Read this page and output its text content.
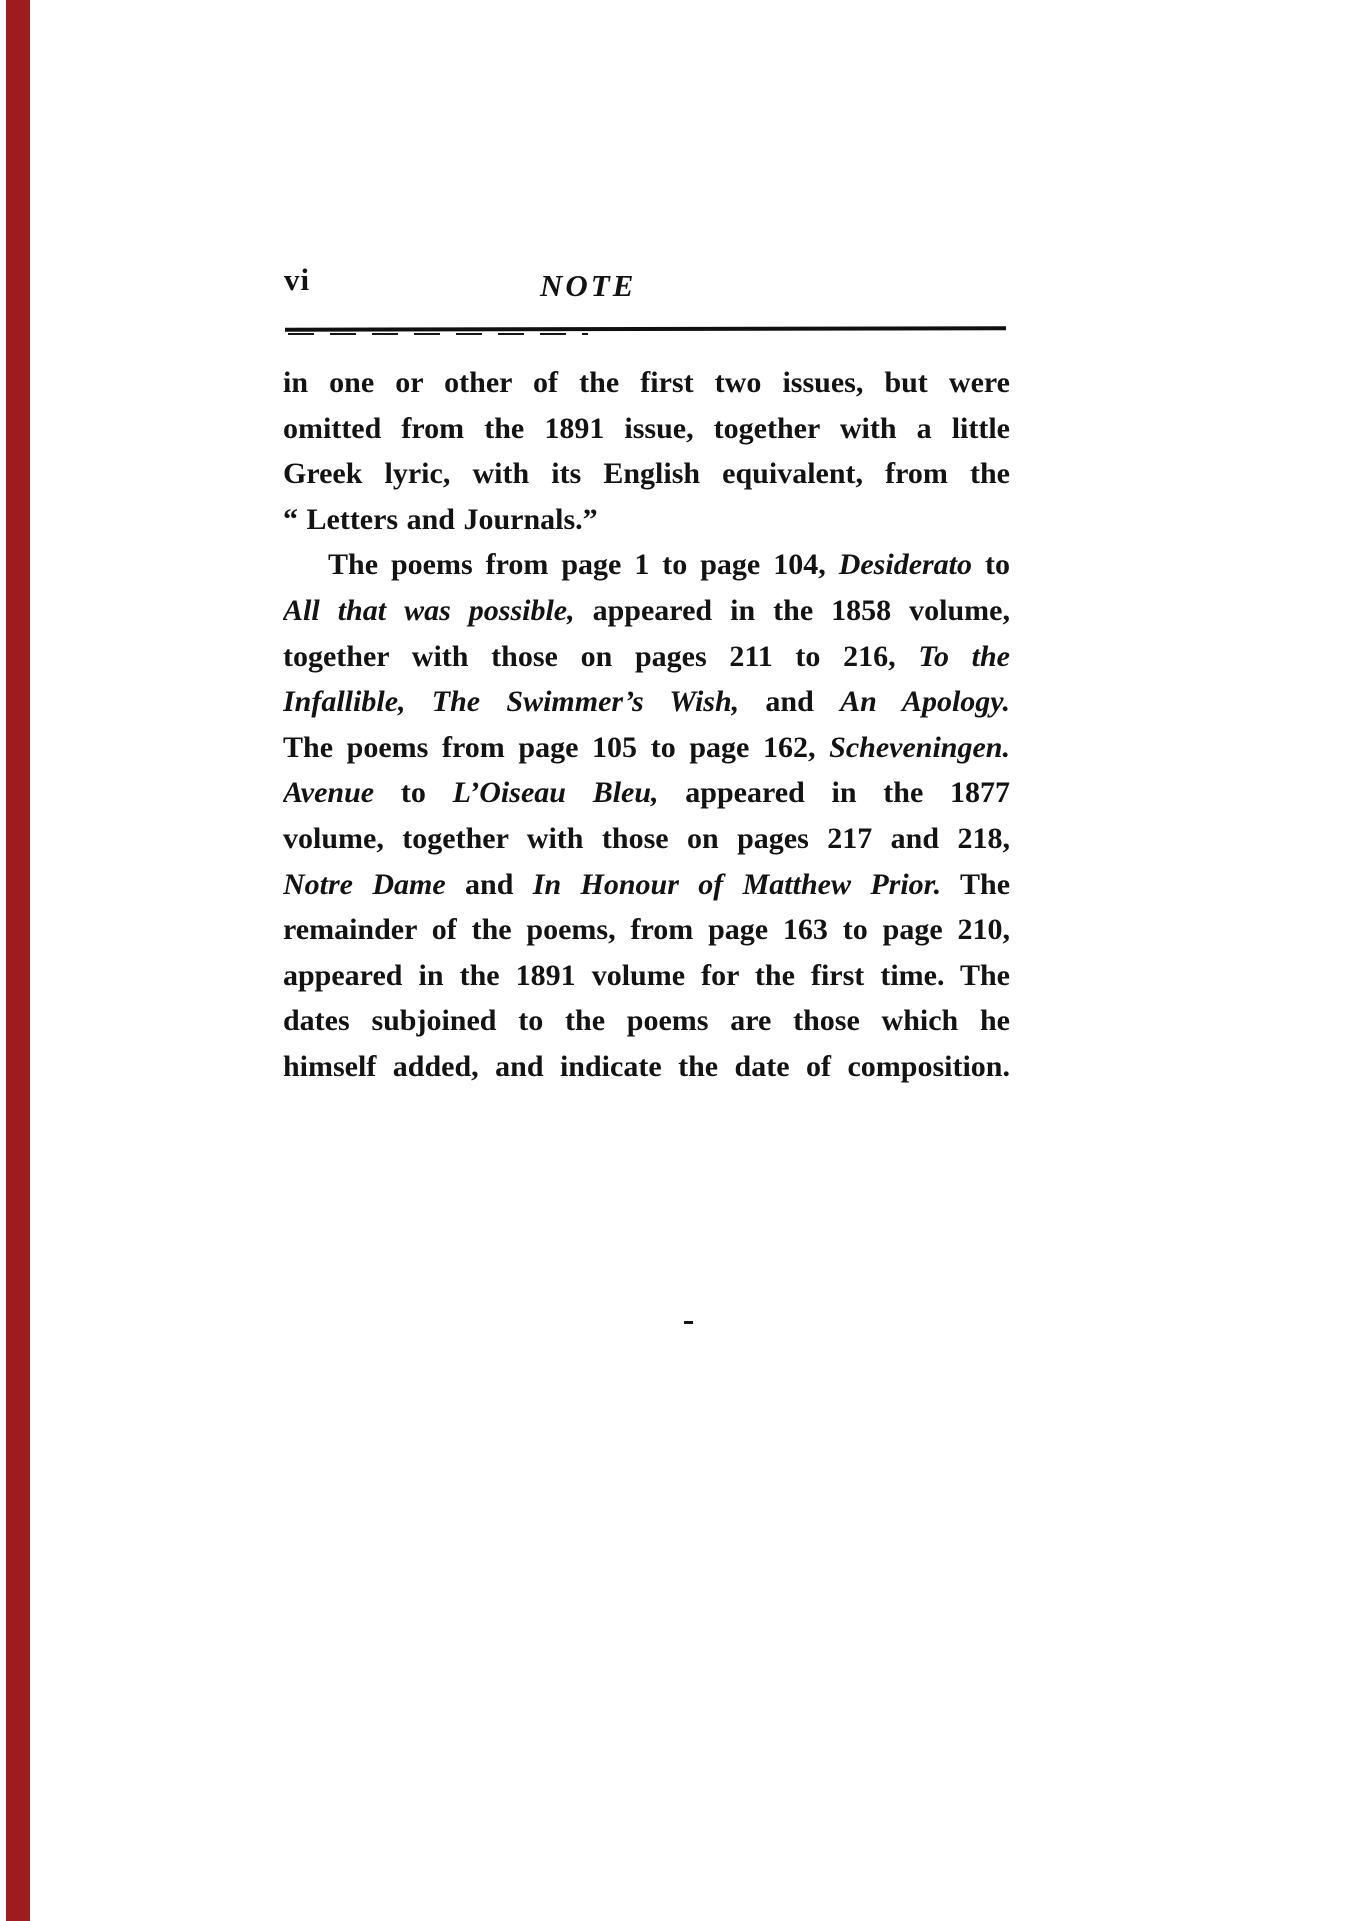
vi	NOTE
in one or other of the first two issues, but were
omitted from the 1891 issue, together with a little
Greek lyric, with its English equivalent, from the
“ Letters and Journals.”
The poems from page 1 to page 104, Desiderato to
All that was possible, appeared in the 1858 volume,
together with those on pages 211 to 216, To the
Infallible, The Swimmer’s Wish, and An Apology.
The poems from page 105 to page 162, Scheveningen.
Avenue to L’Oiseau Bleu, appeared in the 1877
volume, together with those on pages 217 and 218,
Notre Dame and In Honour of Matthew Prior. The
remainder of the poems, from page 163 to page 210,
appeared in the 1891 volume for the first time. The
dates subjoined to the poems are those which he
himself added, and indicate the date of composition.
